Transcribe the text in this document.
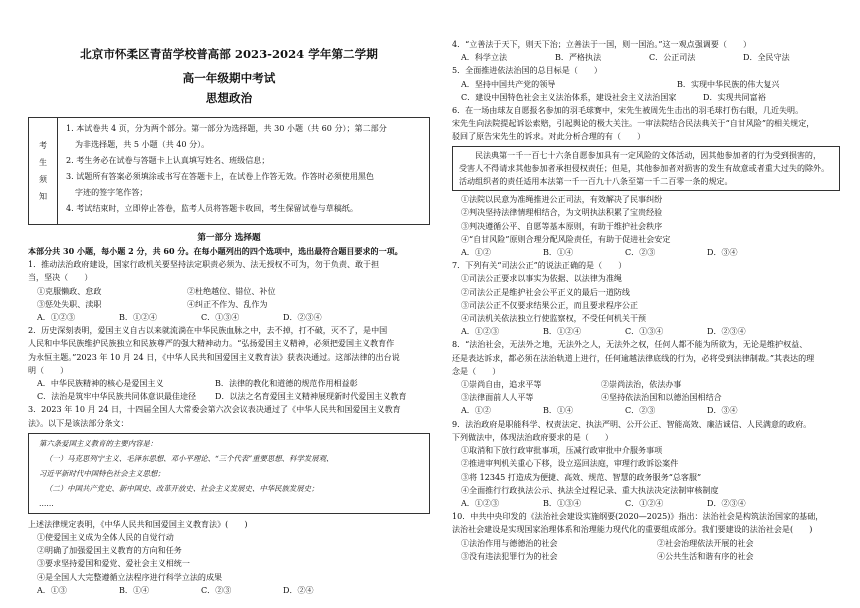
北京市怀柔区青苗学校普高部 2023-2024 学年第二学期
高一年级期中考试
思想政治
考
生
须
知

1. 本试卷共 4 页，分为两个部分。第一部分为选择题，共 30 小题（共 60 分）；第二部分

为非选择题，共 5 小题（共 40 分）。

2. 考生务必在试卷与答题卡上认真填写姓名、班级信息；

3. 试题所有答案必须填涂或书写在答题卡上，在试卷上作答无效。作答时必须使用黑色

字迹的签字笔作答；

4. 考试结束时，立即停止答卷，监考人员将答题卡收回，考生保留试卷与草稿纸。

第一部分 选择题

本部分共 30 小题，每小题 2 分，共 60 分。在每小题列出的四个选项中，选出最符合题目要求的一项。

1．推动法治政府建设，国家行政机关要坚持法定职责必须为、法无授权不可为，勿于负责、敢于担

当，坚决（　　）

①克服懒政、怠政	②杜绝越位、错位、补位
③惩处失职、渎职	④纠正不作为、乱作为
A．①②③	B．①②④	C．①③④	D．②③④

2．历史深刻表明，爱国主义自古以来就流淌在中华民族血脉之中，去不掉，打不破，灭不了，是中国

人民和中华民族维护民族独立和民族尊严的强大精神动力。“弘扬爱国主义精神，必须把爱国主义教育作

为永恒主题。”2023 年 10 月 24 日，《中华人民共和国爱国主义教育法》获表决通过。这部法律的出台说

明（　　）

A．中华民族精神的核心是爱国主义	B．法律的教化和道德的规范作用相益彰
C．法治是筑牢中华民族共同体意识最佳途径	D．以法之名育爱国主义精神展现新时代爱国主义教育

3．2023 年 10 月 24 日，十四届全国人大常委会第六次会议表决通过了《中华人民共和国爱国主义教育

法》。以下是该法部分条文：

第六条爱国主义教育的主要内容是：

（一）马克思列宁主义、毛泽东思想、邓小平理论、“三个代表”重要思想、科学发展观、

习近平新时代中国特色社会主义思想；

（二）中国共产党史、新中国史、改革开放史、社会主义发展史、中华民族发展史；

……

上述法律规定表明，《中华人民共和国爱国主义教育法》(　　)

①使爱国主义成为全体人民的自觉行动

②明确了加强爱国主义教育的方向和任务

③要求坚持爱国和爱党、爱社会主义相统一

④是全国人大完整遵循立法程序进行科学立法的成果

A．①③	B．①④	C．②③	D．②④

4．“立善法于天下，则天下治；立善法于一国，则一国治。”这一观点强调要（　　）

A．科学立法	B．严格执法	C．公正司法	D．全民守法

5．全面推进依法治国的总目标是（　　）

A．坚持中国共产党的领导	B．实现中华民族的伟大复兴
C．建设中国特色社会主义法治体系，建设社会主义法治国家	D．实现共同富裕

6．在一场由球友自愿报名参加的羽毛球赛中，宋先生被周先生击出的羽毛球打伤右眼，几近失明。

宋先生向法院提起诉讼索赔，引起舆论的极大关注。一审法院结合民法典关于“自甘风险”的相关规定，

驳回了原告宋先生的诉求。对此分析合理的有（　　）

民法典第一千一百七十六条自愿参加具有一定风险的文体活动，因其他参加者的行为受到损害的，

受害人不得请求其他参加者承担侵权责任；但是，其他参加者对损害的发生有故意或者重大过失的除外。

活动组织者的责任适用本法第一千一百九十八条至第一千二百零一条的规定。

①法院以民意为准绳推进公正司法，有效解决了民事纠纷

②判决坚持法律情理相结合，为文明执法积累了宝贵经验

③判决遵循公平、自愿等基本原则，有助于维护社会秩序

④“自甘风险”原则合理分配风险责任，有助于促进社会安定

A．①②	B．①④	C．②③	D．③④

7．下列有关“司法公正”的说法正确的是（　　）

①司法公正要求以事实为依据、以法律为准绳

②司法公正是维护社会公平正义的最后一道防线

③司法公正不仅要求结果公正，而且要求程序公正

④司法机关依法独立行使监察权，不受任何机关干预

A．①②③	B．①②④	C．①③④	D．②③④

8．“法治社会，无法外之地，无法外之人，无法外之权，任何人都不能为所欲为，无论是维护权益、

还是表达诉求，都必须在法治轨道上进行，任何逾越法律底线的行为，必将受到法律制裁。”其表达的理

念是（　　）

①崇尚自由，追求平等	②崇尚法治，依法办事
③法律面前人人平等	④坚持依法治国和以德治国相结合
A．①②	B．①④	C．②③	D．③④

9．法治政府是职能科学、权责法定、执法严明、公开公正、智能高效、廉洁诚信、人民满意的政府。

下列做法中，体现法治政府要求的是（　　）

①取消和下放行政审批事项，压减行政审批中介服务事项

②推进审判机关重心下移，设立巡回法庭，审理行政诉讼案件

③将 12345 打造成为便捷、高效、规范、智慧的政务服务“总客服”

④全面推行行政执法公示、执法全过程记录、重大执法决定法制审核制度

A．①②③	B．①③④	C．①②④	D．②③④

10．中共中央印发的《法治社会建设实施纲要(2020—2025)》指出：法治社会是构筑法治国家的基础，

法治社会建设是实现国家治理体系和治理能力现代化的重要组成部分。我们要建设的法治社会是(　　)

①法治作用与德德治的社会	②社会治理依法开展的社会
③没有违法犯罪行为的社会	④公共生活和谐有序的社会
